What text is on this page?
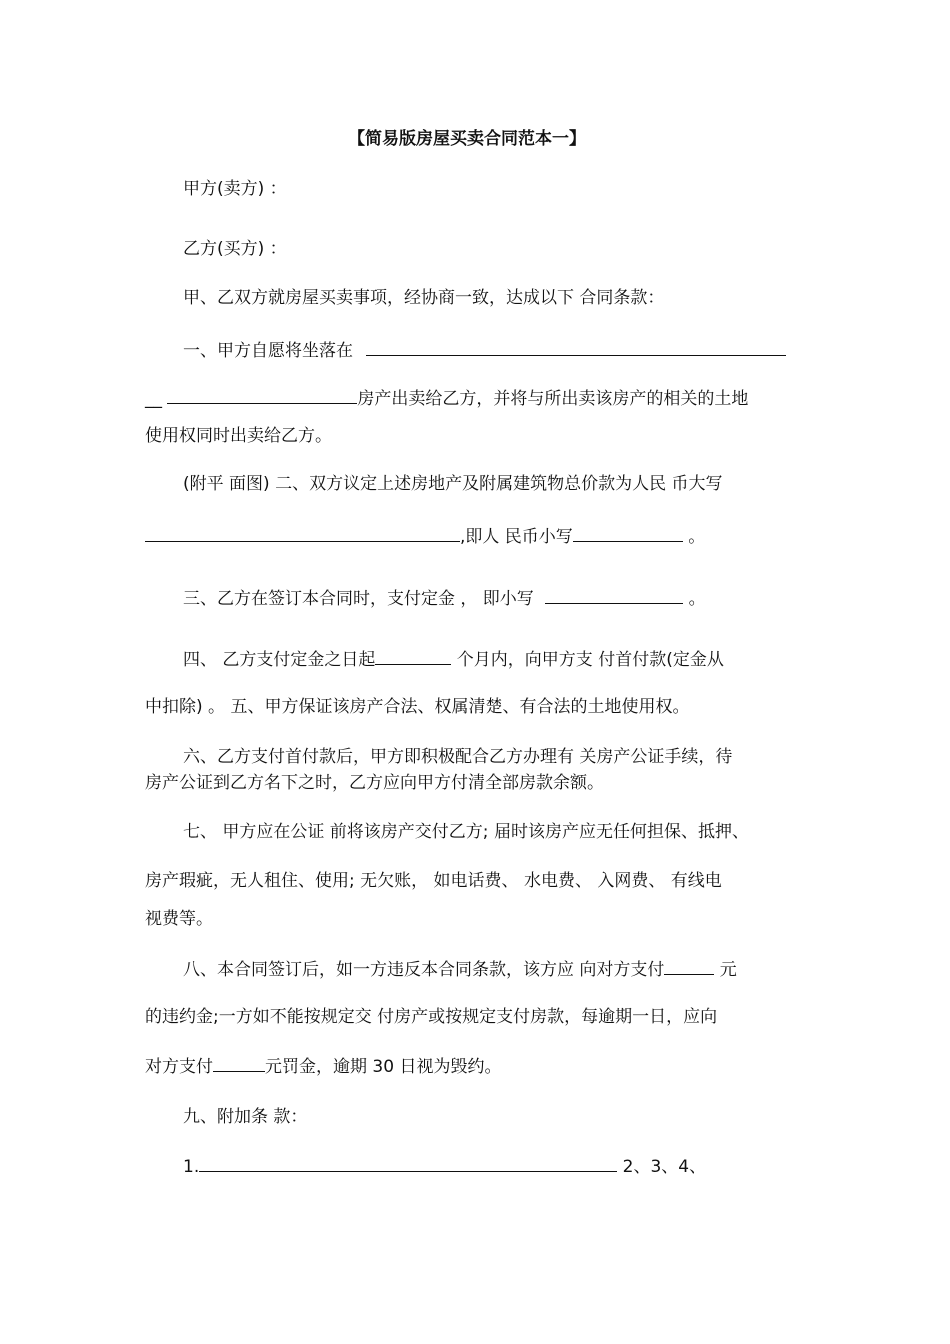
【简易版房屋买卖合同范本一】
甲方(卖方) ：
乙方(买方) ：
甲、乙双方就房屋买卖事项，经协商一致，达成以下 合同条款：
一、甲方自愿将坐落在
__	房产出卖给乙方，并将与所出卖该房产的相关的土地
使用权同时出卖给乙方。
(附平 面图) 二、双方议定上述房地产及附属建筑物总价款为人民 币大写
,即人 民币小写	。
三、乙方在签订本合同时，支付定金 ， 即小写	。
四、 乙方支付定金之日起	个月内，向甲方支 付首付款(定金从
中扣除) 。 五、甲方保证该房产合法、权属清楚、有合法的土地使用权。
六、乙方支付首付款后，甲方即积极配合乙方办理有 关房产公证手续，待
房产公证到乙方名下之时，乙方应向甲方付清全部房款余额。
七、 甲方应在公证 前将该房产交付乙方; 届时该房产应无任何担保、抵押、
房产瑕疵，无人租住、使用; 无欠账， 如电话费、 水电费、 入网费、 有线电
视费等。
八、本合同签订后，如一方违反本合同条款，该方应 向对方支付	元
的违约金;一方如不能按规定交 付房产或按规定支付房款，每逾期一日，应向
对方支付	元罚金，逾期 30 日视为毁约。
九、附加条 款：
1.	2、3、4、
